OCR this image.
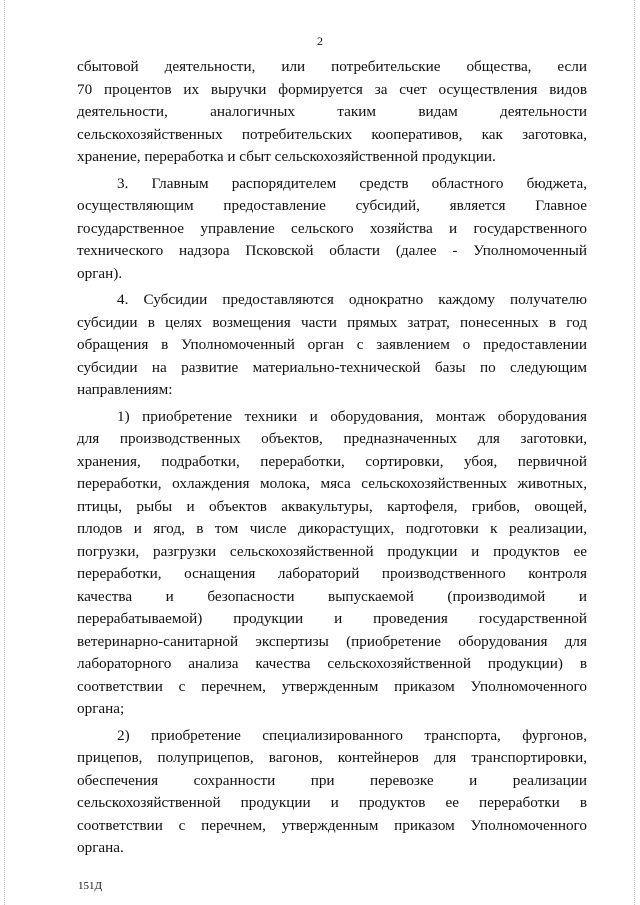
2
сбытовой деятельности, или потребительские общества, если
70 процентов их выручки формируется за счет осуществления видов
деятельности, аналогичных таким видам деятельности
сельскохозяйственных потребительских кооперативов, как заготовка,
хранение, переработка и сбыт сельскохозяйственной продукции.
3. Главным распорядителем средств областного бюджета,
осуществляющим предоставление субсидий, является Главное
государственное управление сельского хозяйства и государственного
технического надзора Псковской области (далее - Уполномоченный
орган).
4. Субсидии предоставляются однократно каждому получателю
субсидии в целях возмещения части прямых затрат, понесенных в год
обращения в Уполномоченный орган с заявлением о предоставлении
субсидии на развитие материально-технической базы по следующим
направлениям:
1) приобретение техники и оборудования, монтаж оборудования
для производственных объектов, предназначенных для заготовки,
хранения, подработки, переработки, сортировки, убоя, первичной
переработки, охлаждения молока, мяса сельскохозяйственных животных,
птицы, рыбы и объектов аквакультуры, картофеля, грибов, овощей,
плодов и ягод, в том числе дикорастущих, подготовки к реализации,
погрузки, разгрузки сельскохозяйственной продукции и продуктов ее
переработки, оснащения лабораторий производственного контроля
качества и безопасности выпускаемой (производимой и
перерабатываемой) продукции и проведения государственной
ветеринарно-санитарной экспертизы (приобретение оборудования для
лабораторного анализа качества сельскохозяйственной продукции) в
соответствии с перечнем, утвержденным приказом Уполномоченного
органа;
2) приобретение специализированного транспорта, фургонов,
прицепов, полуприцепов, вагонов, контейнеров для транспортировки,
обеспечения сохранности при перевозке и реализации
сельскохозяйственной продукции и продуктов ее переработки в
соответствии с перечнем, утвержденным приказом Уполномоченного
органа.
151Д
